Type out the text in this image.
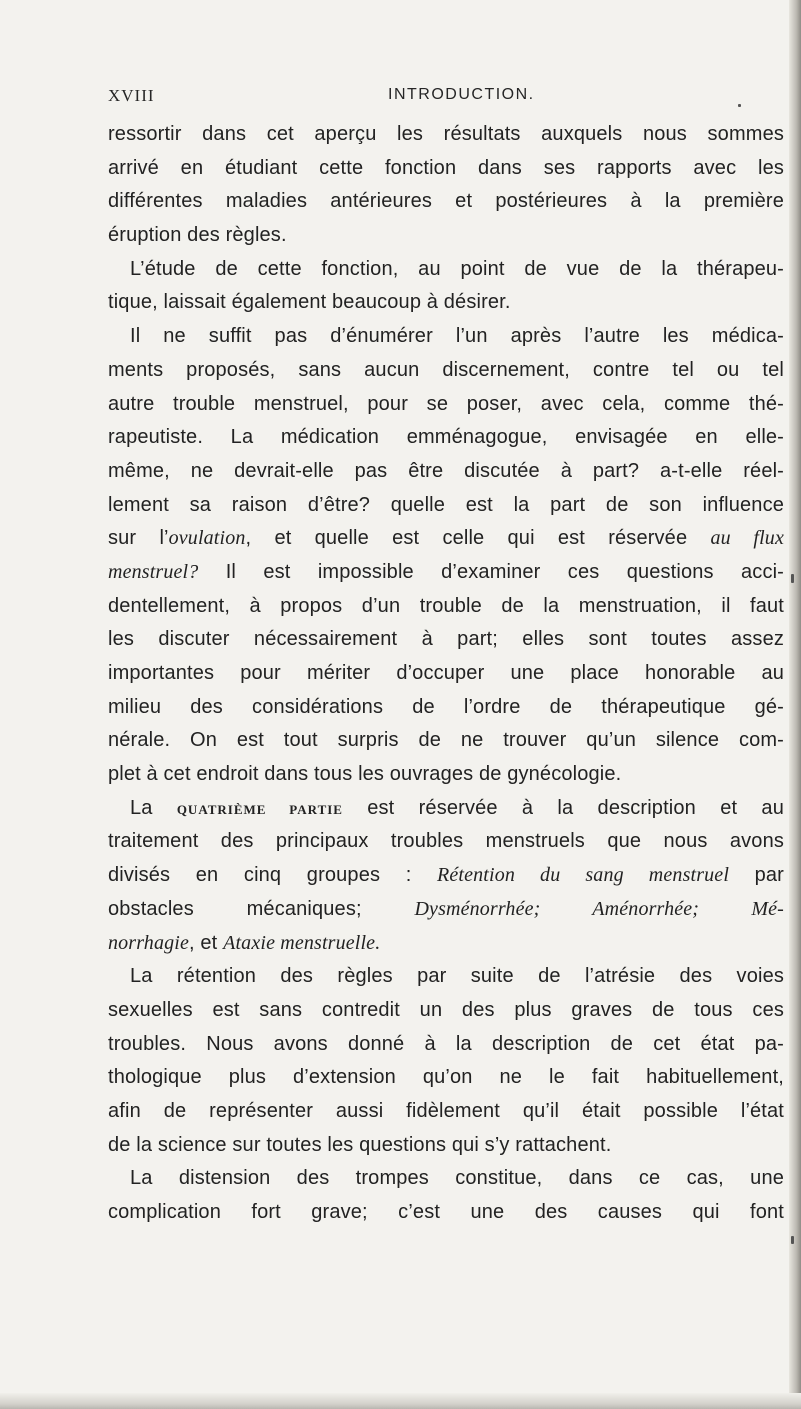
XVIII	INTRODUCTION.
ressortir dans cet aperçu les résultats auxquels nous sommes
arrivé en étudiant cette fonction dans ses rapports avec les
différentes maladies antérieures et postérieures à la première
éruption des règles.
L’étude de cette fonction, au point de vue de la thérapeu-
tique, laissait également beaucoup à désirer.
Il ne suffit pas d’énumérer l’un après l’autre les médica-
ments proposés, sans aucun discernement, contre tel ou tel
autre trouble menstruel, pour se poser, avec cela, comme thé-
rapeutiste. La médication emménagogue, envisagée en elle-
même, ne devrait-elle pas être discutée à part? a-t-elle réel-
lement sa raison d’être? quelle est la part de son influence
sur l’ovulation, et quelle est celle qui est réservée au flux
menstruel? Il est impossible d’examiner ces questions acci-
dentellement, à propos d’un trouble de la menstruation, il faut
les discuter nécessairement à part; elles sont toutes assez
importantes pour mériter d’occuper une place honorable au
milieu des considérations de l’ordre de thérapeutique gé-
nérale. On est tout surpris de ne trouver qu’un silence com-
plet à cet endroit dans tous les ouvrages de gynécologie.
La QUATRIÈME PARTIE est réservée à la description et au
traitement des principaux troubles menstruels que nous avons
divisés en cinq groupes : Rétention du sang menstruel par
obstacles mécaniques; Dysménorrhée; Aménorrhée; Mé-
norrhagie, et Ataxie menstruelle.
La rétention des règles par suite de l’atrésie des voies
sexuelles est sans contredit un des plus graves de tous ces
troubles. Nous avons donné à la description de cet état pa-
thologique plus d’extension qu’on ne le fait habituellement,
afin de représenter aussi fidèlement qu’il était possible l’état
de la science sur toutes les questions qui s’y rattachent.
La distension des trompes constitue, dans ce cas, une
complication fort grave; c’est une des causes qui font
